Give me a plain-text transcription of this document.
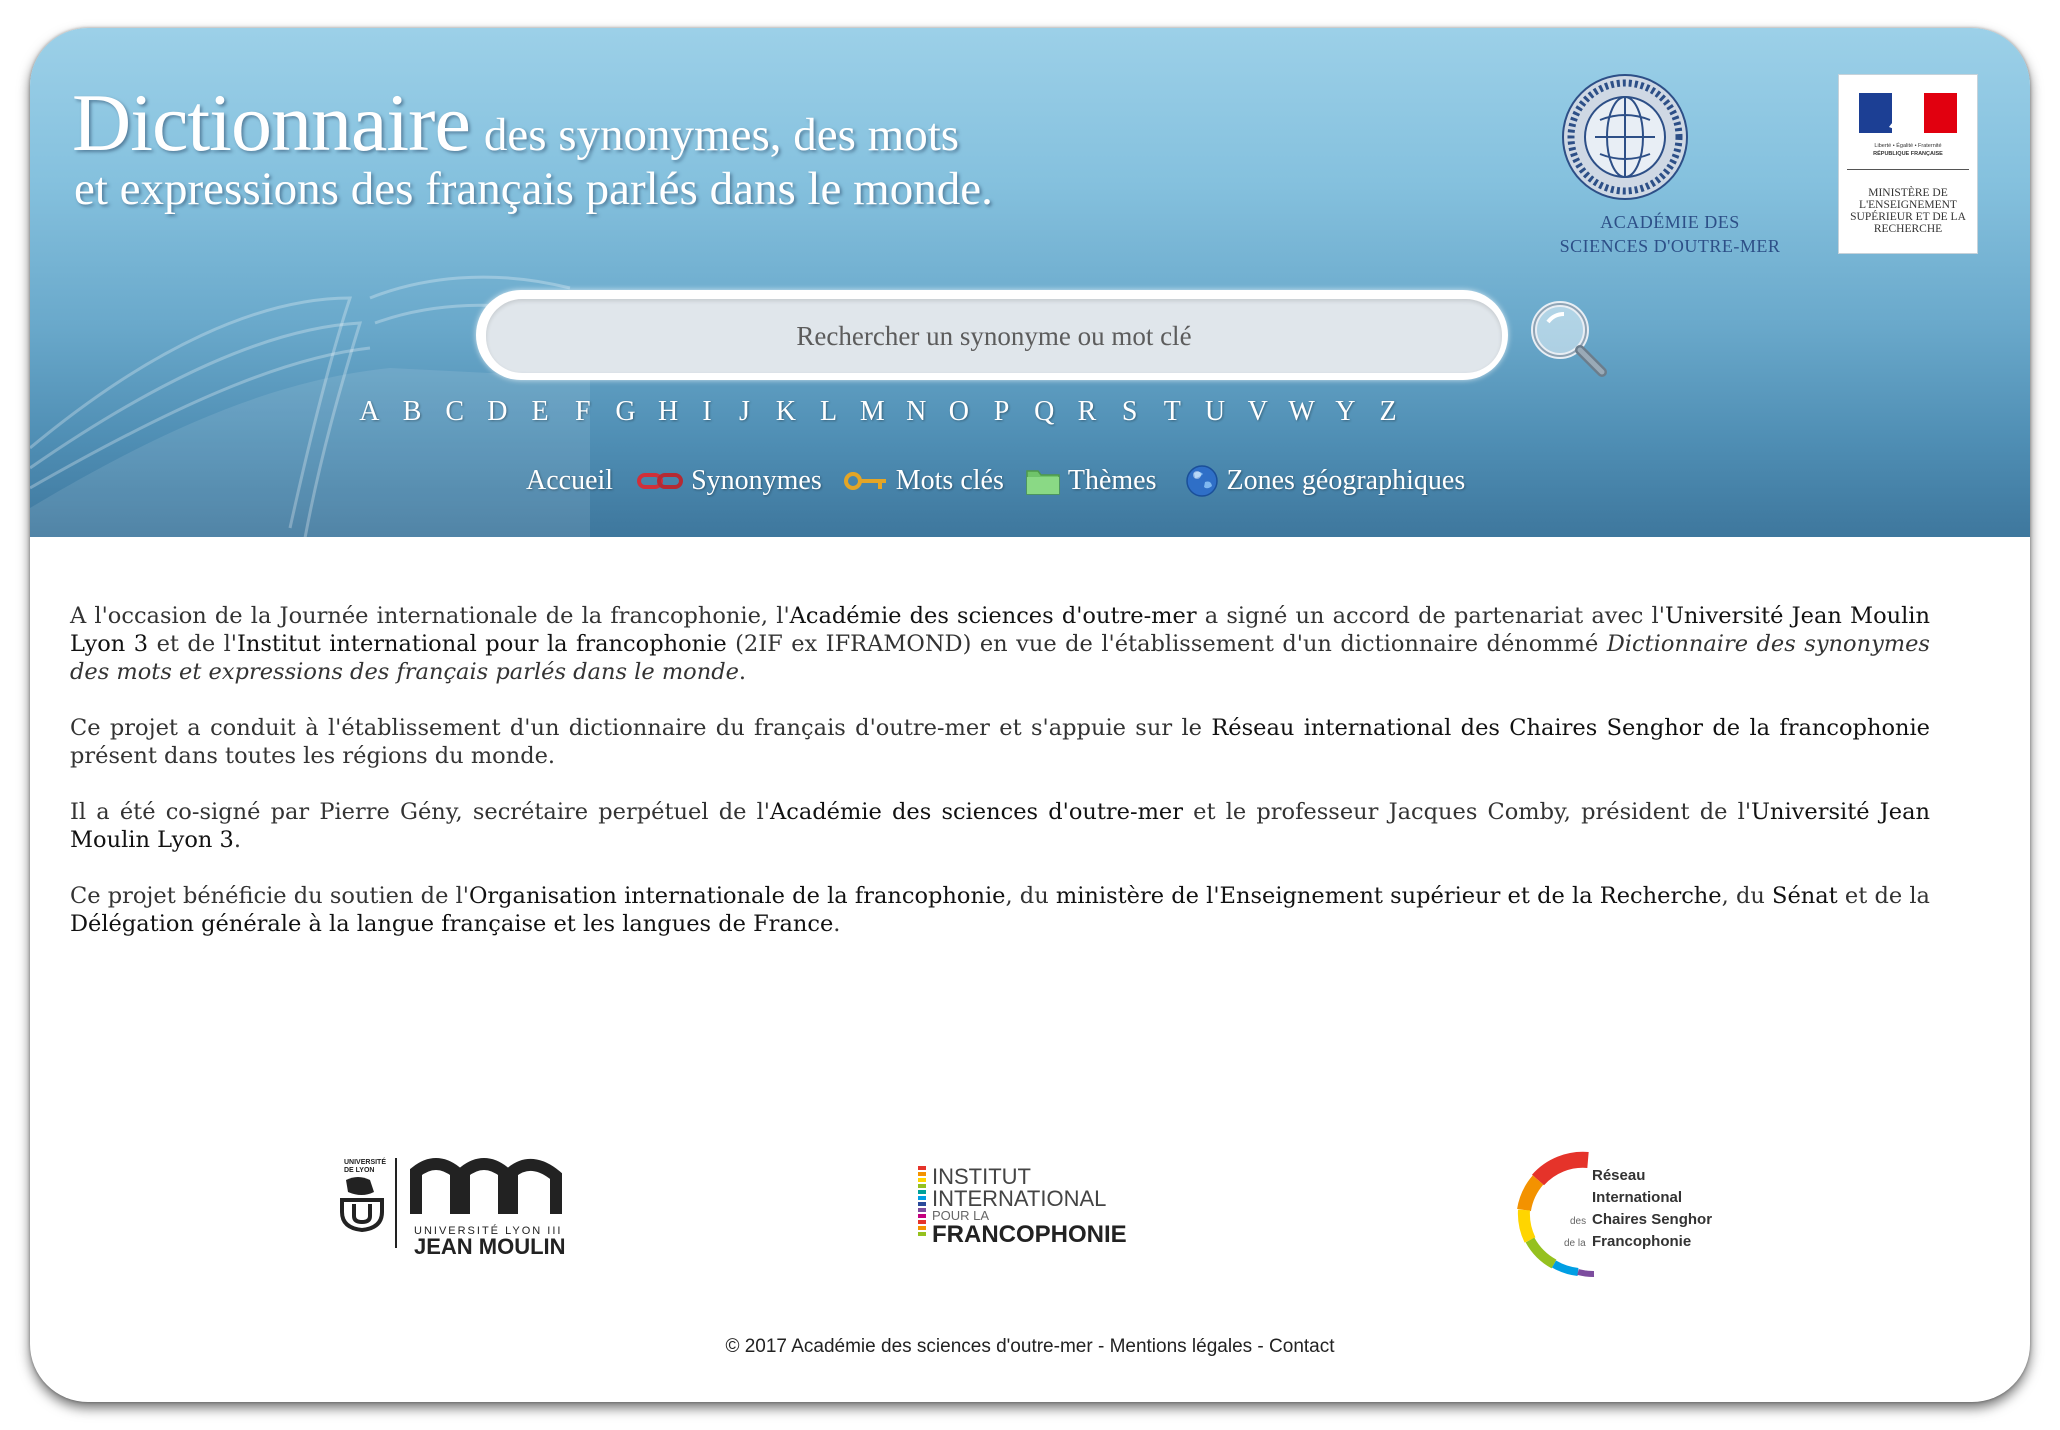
Dictionnaire des synonymes, des mots
et expressions des français parlés dans le monde.
ACADÉMIE DES
SCIENCES D'OUTRE-MER
Liberté • Égalité • Fraternité
RÉPUBLIQUE FRANÇAISE
MINISTÈRE DE L'ENSEIGNEMENT SUPÉRIEUR ET DE LA RECHERCHE
Rechercher un synonyme ou mot clé
A B C D E F G H I J K L M N O P Q R S T U V W Y Z
Accueil	Synonymes	Mots clés Thèmes	Zones géographiques

A l'occasion de la Journée internationale de la francophonie, l'Académie des sciences d'outre-mer a signé un accord de partenariat avec l'Université Jean Moulin Lyon 3 et de l'Institut international pour la francophonie (2IF ex IFRAMOND) en vue de l'établissement d'un dictionnaire dénommé Dictionnaire des synonymes des mots et expressions des français parlés dans le monde.

Ce projet a conduit à l'établissement d'un dictionnaire du français d'outre-mer et s'appuie sur le Réseau international des Chaires Senghor de la francophonie présent dans toutes les régions du monde.

Il a été co-signé par Pierre Gény, secrétaire perpétuel de l'Académie des sciences d'outre-mer et le professeur Jacques Comby, président de l'Université Jean Moulin Lyon 3.

Ce projet bénéficie du soutien de l'Organisation internationale de la francophonie, du ministère de l'Enseignement supérieur et de la Recherche, du Sénat et de la Délégation générale à la langue française et les langues de France.

UNIVERSITÉ
DE LYON
UNIVERSITÉ LYON III
JEAN MOULIN
INSTITUT
INTERNATIONAL
POUR LA
FRANCOPHONIE
Réseau
International
des Chaires Senghor
de la Francophonie
© 2017 Académie des sciences d'outre-mer - Mentions légales - Contact
